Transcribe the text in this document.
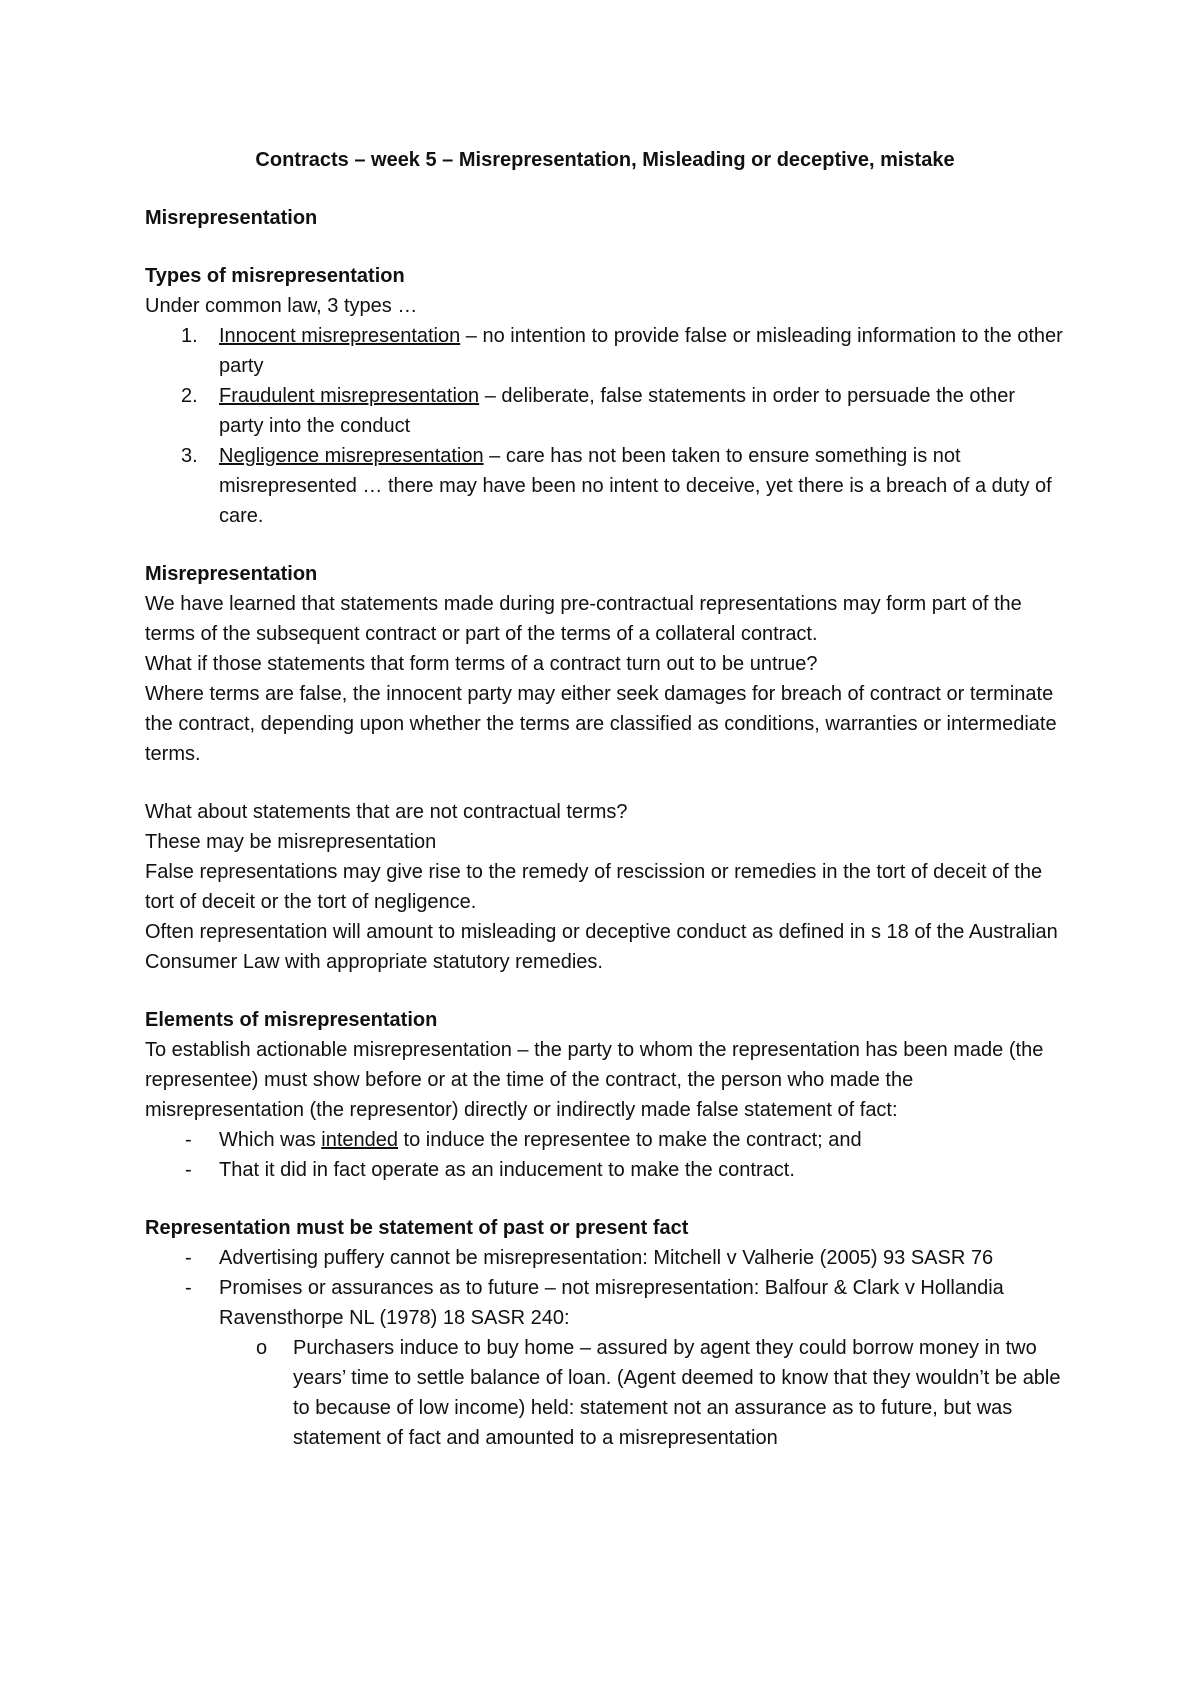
Contracts – week 5 – Misrepresentation, Misleading or deceptive, mistake
Misrepresentation

Types of misrepresentation

Under common law, 3 types …

1. Innocent misrepresentation – no intention to provide false or misleading information to the other party
2. Fraudulent misrepresentation – deliberate, false statements in order to persuade the other party into the conduct
3. Negligence misrepresentation – care has not been taken to ensure something is not misrepresented … there may have been no intent to deceive, yet there is a breach of a duty of care.

Misrepresentation

We have learned that statements made during pre-contractual representations may form part of the terms of the subsequent contract or part of the terms of a collateral contract.

What if those statements that form terms of a contract turn out to be untrue?

Where terms are false, the innocent party may either seek damages for breach of contract or terminate the contract, depending upon whether the terms are classified as conditions, warranties or intermediate terms.

What about statements that are not contractual terms?

These may be misrepresentation

False representations may give rise to the remedy of rescission or remedies in the tort of deceit of the tort of deceit or the tort of negligence.

Often representation will amount to misleading or deceptive conduct as defined in s 18 of the Australian Consumer Law with appropriate statutory remedies.

Elements of misrepresentation

To establish actionable misrepresentation – the party to whom the representation has been made (the representee) must show before or at the time of the contract, the person who made the misrepresentation (the representor) directly or indirectly made false statement of fact:

- Which was intended to induce the representee to make the contract; and
- That it did in fact operate as an inducement to make the contract.

Representation must be statement of past or present fact

- Advertising puffery cannot be misrepresentation: Mitchell v Valherie (2005) 93 SASR 76
- Promises or assurances as to future – not misrepresentation: Balfour & Clark v Hollandia Ravensthorpe NL (1978) 18 SASR 240:
o Purchasers induce to buy home – assured by agent they could borrow money in two years’ time to settle balance of loan. (Agent deemed to know that they wouldn’t be able to because of low income) held: statement not an assurance as to future, but was statement of fact and amounted to a misrepresentation
